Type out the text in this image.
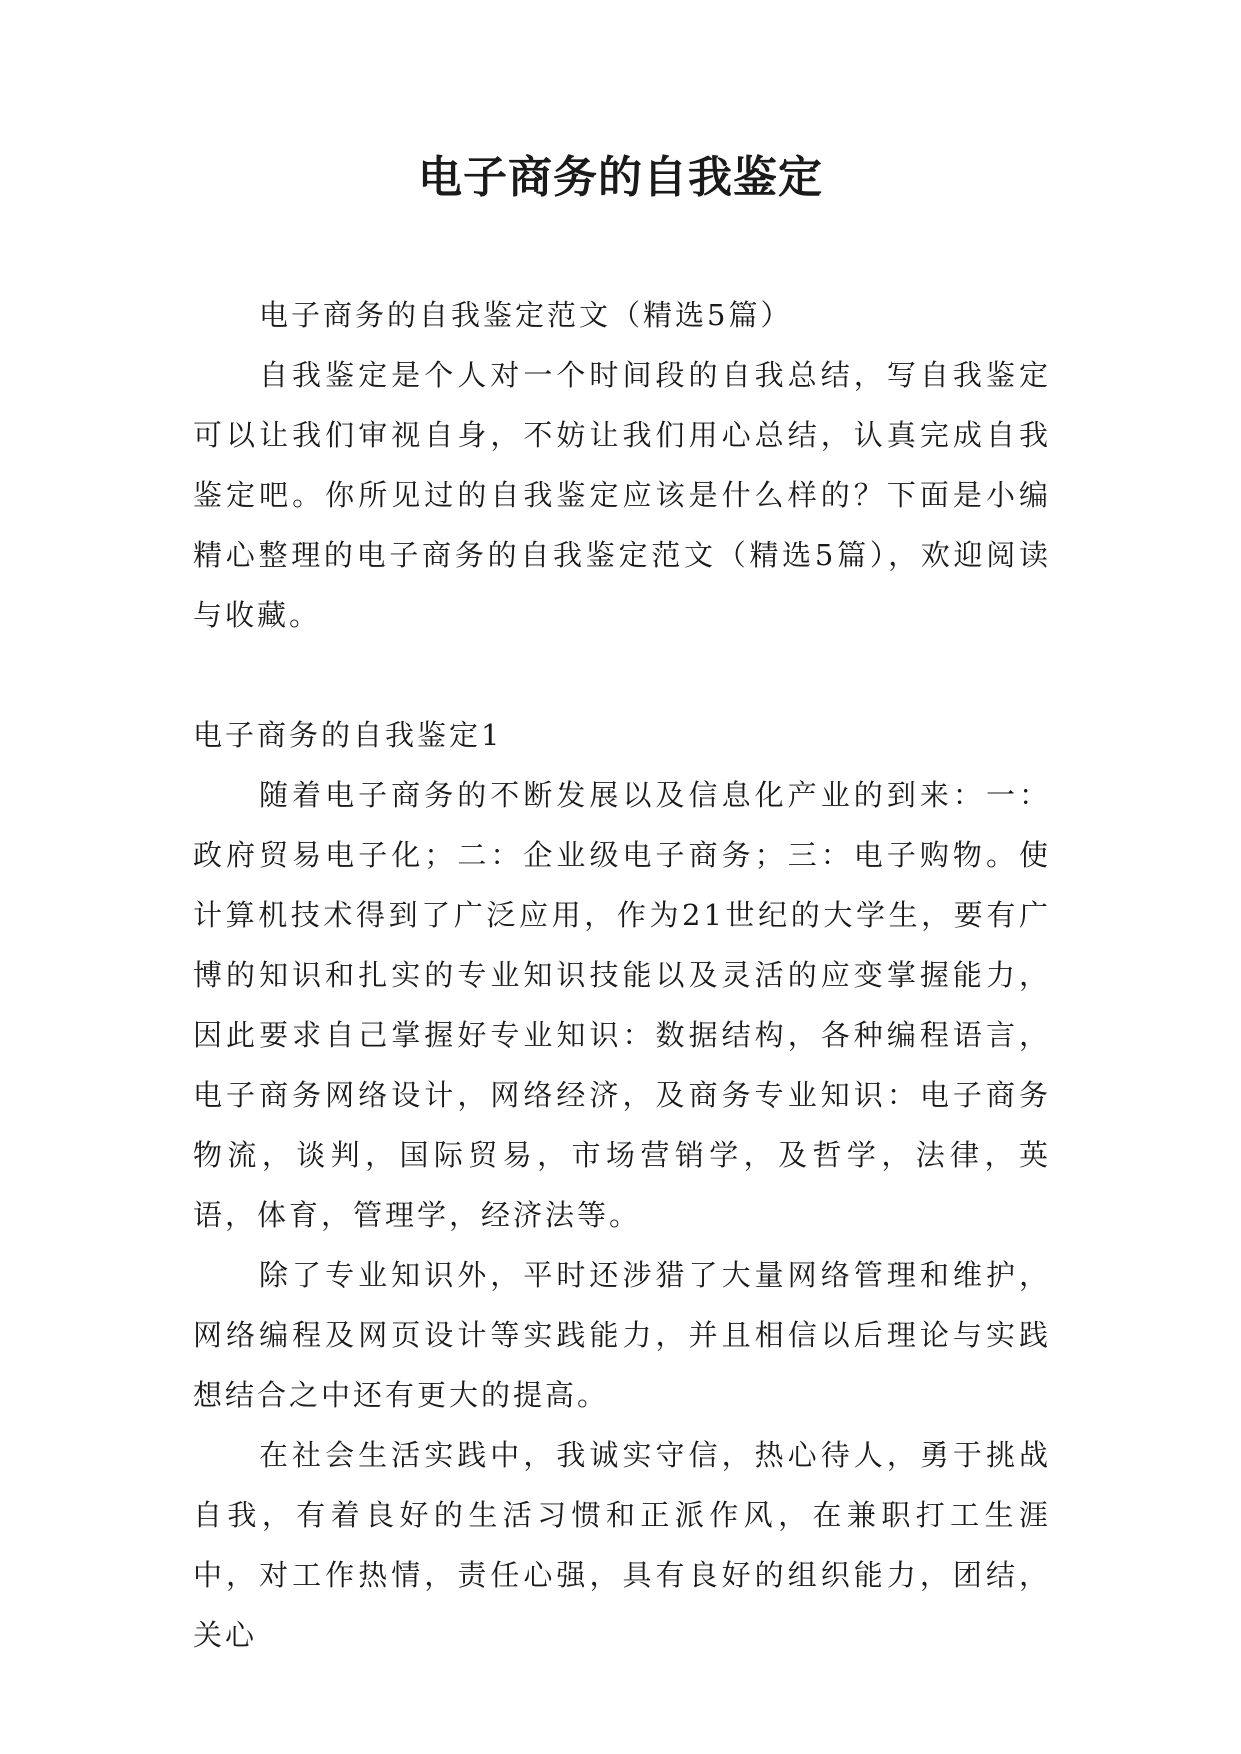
电子商务的自我鉴定

电子商务的自我鉴定范文（精选5篇）

自我鉴定是个人对一个时间段的自我总结，写自我鉴定可以让我们审视自身，不妨让我们用心总结，认真完成自我鉴定吧。你所见过的自我鉴定应该是什么样的？下面是小编精心整理的电子商务的自我鉴定范文（精选5篇），欢迎阅读与收藏。

电子商务的自我鉴定1

随着电子商务的不断发展以及信息化产业的到来：一：政府贸易电子化；二：企业级电子商务；三：电子购物。使计算机技术得到了广泛应用，作为21世纪的大学生，要有广博的知识和扎实的专业知识技能以及灵活的应变掌握能力，因此要求自己掌握好专业知识：数据结构，各种编程语言，电子商务网络设计，网络经济，及商务专业知识：电子商务物流，谈判，国际贸易，市场营销学，及哲学，法律，英语，体育，管理学，经济法等。

除了专业知识外，平时还涉猎了大量网络管理和维护，网络编程及网页设计等实践能力，并且相信以后理论与实践想结合之中还有更大的提高。

在社会生活实践中，我诚实守信，热心待人，勇于挑战自我，有着良好的生活习惯和正派作风，在兼职打工生涯中，对工作热情，责任心强，具有良好的组织能力，团结，关心
